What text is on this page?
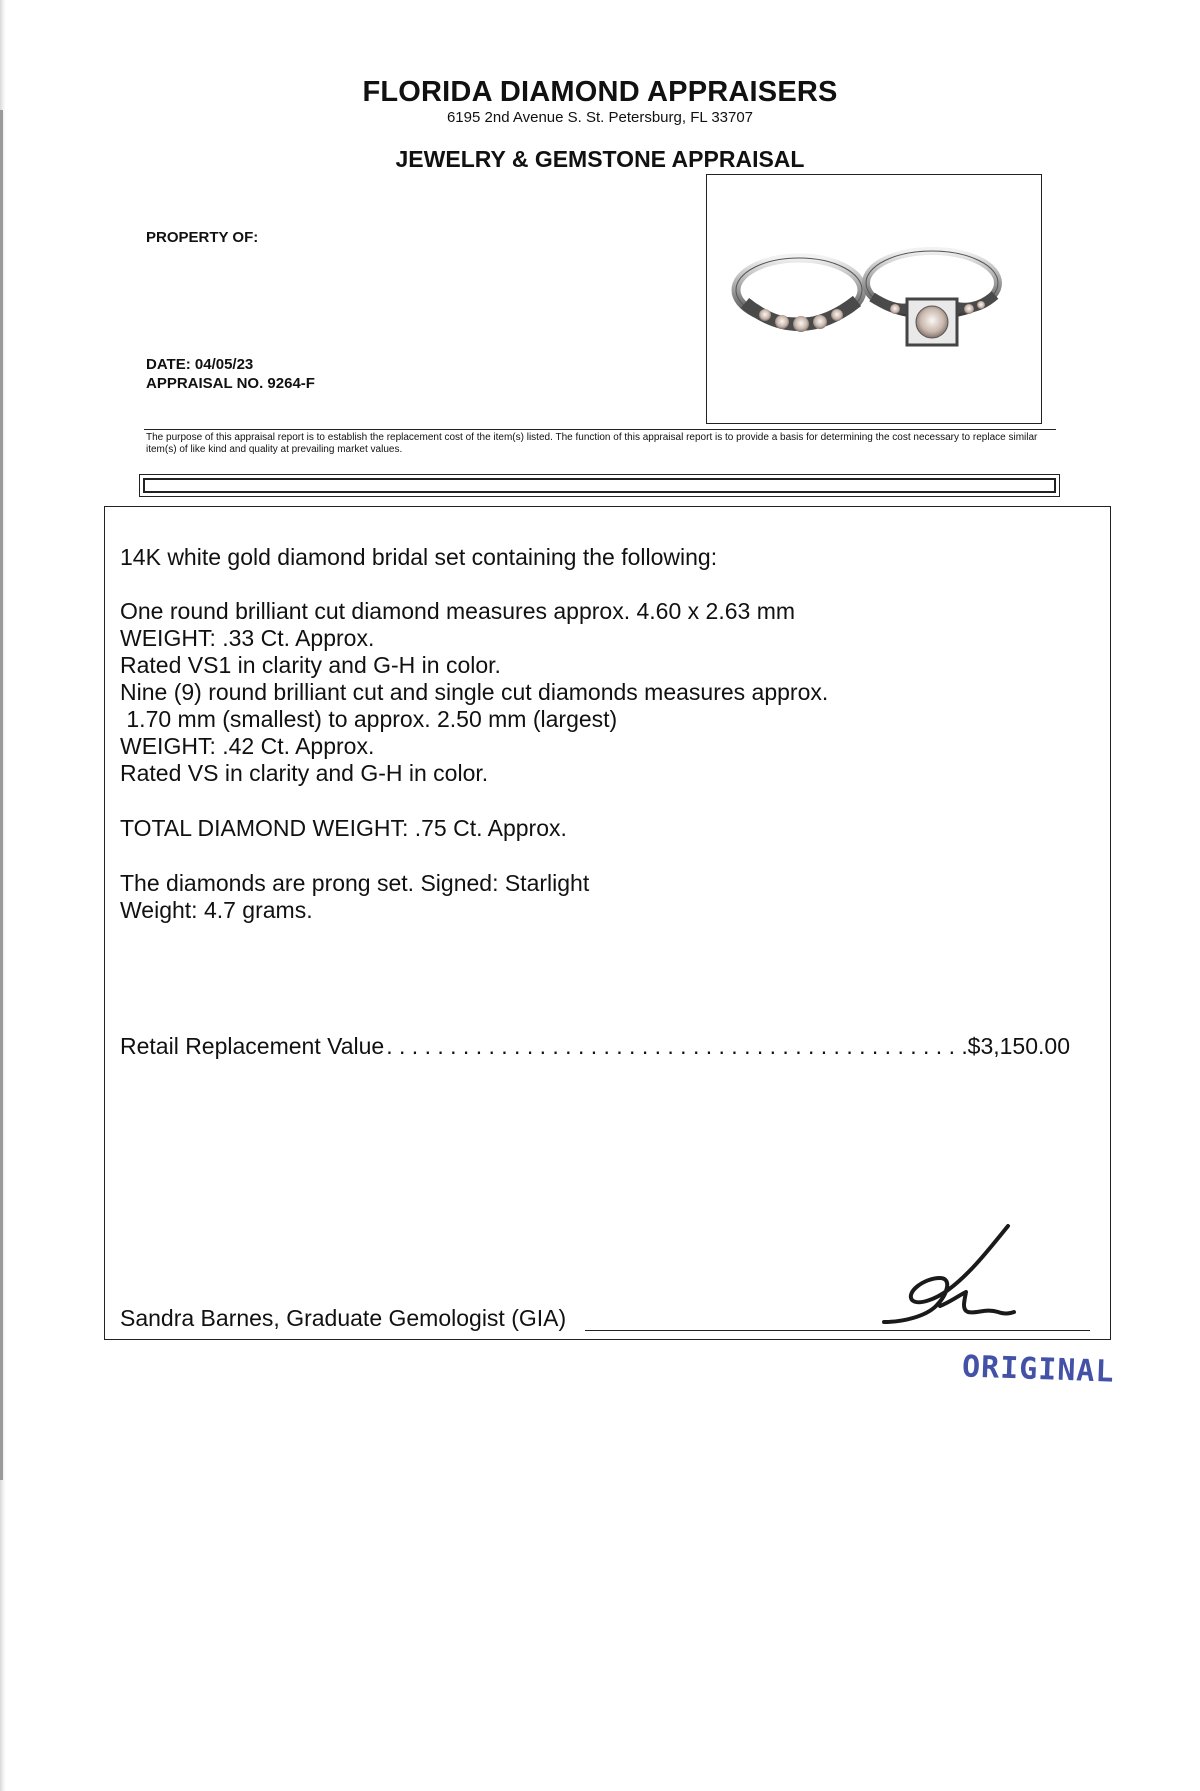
FLORIDA DIAMOND APPRAISERS
6195 2nd Avenue S. St. Petersburg, FL 33707
JEWELRY & GEMSTONE APPRAISAL
PROPERTY OF:
DATE: 04/05/23
APPRAISAL NO. 9264-F
The purpose of this appraisal report is to establish the replacement cost of the item(s) listed. The function of this appraisal report is to provide a basis for determining the cost necessary to replace similar item(s) of like kind and quality at prevailing market values.
14K white gold diamond bridal set containing the following:
One round brilliant cut diamond measures approx. 4.60 x 2.63 mm
WEIGHT: .33 Ct. Approx.
Rated VS1 in clarity and G-H in color.
Nine (9) round brilliant cut and single cut diamonds measures approx.
1.70 mm (smallest) to approx. 2.50 mm (largest)
WEIGHT: .42 Ct. Approx.
Rated VS in clarity and G-H in color.
TOTAL DIAMOND WEIGHT: .75 Ct. Approx.
The diamonds are prong set. Signed: Starlight
Weight: 4.7 grams.
Retail Replacement Value
. . .	$3,150.00
Sandra Barnes, Graduate Gemologist (GIA)
ORIGINAL
